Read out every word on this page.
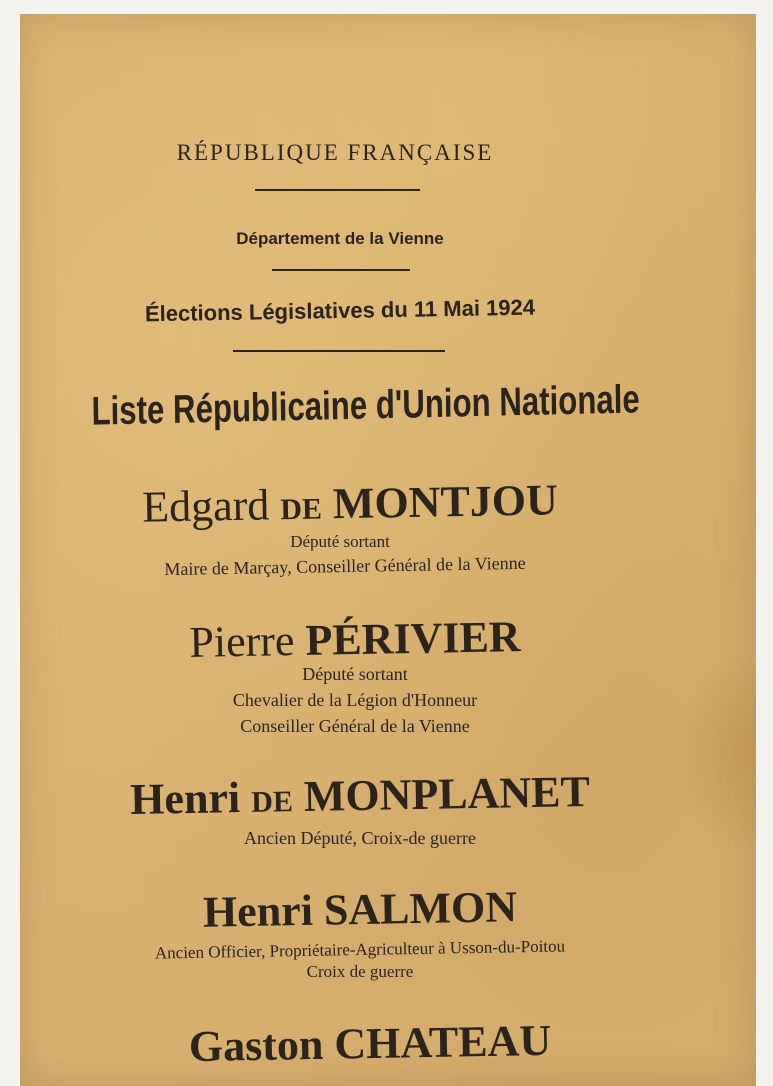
RÉPUBLIQUE FRANÇAISE
Département de la Vienne
Élections Législatives du 11 Mai 1924
Liste Républicaine d'Union Nationale
Edgard DE MONTJOU
Député sortant
Maire de Marçay, Conseiller Général de la Vienne
Pierre PÉRIVIER
Député sortant
Chevalier de la Légion d'Honneur
Conseiller Général de la Vienne
Henri DE MONPLANET
Ancien Député, Croix-de guerre
Henri SALMON
Ancien Officier, Propriétaire-Agriculteur à Usson-du-Poitou
Croix de guerre
Gaston CHATEAU
